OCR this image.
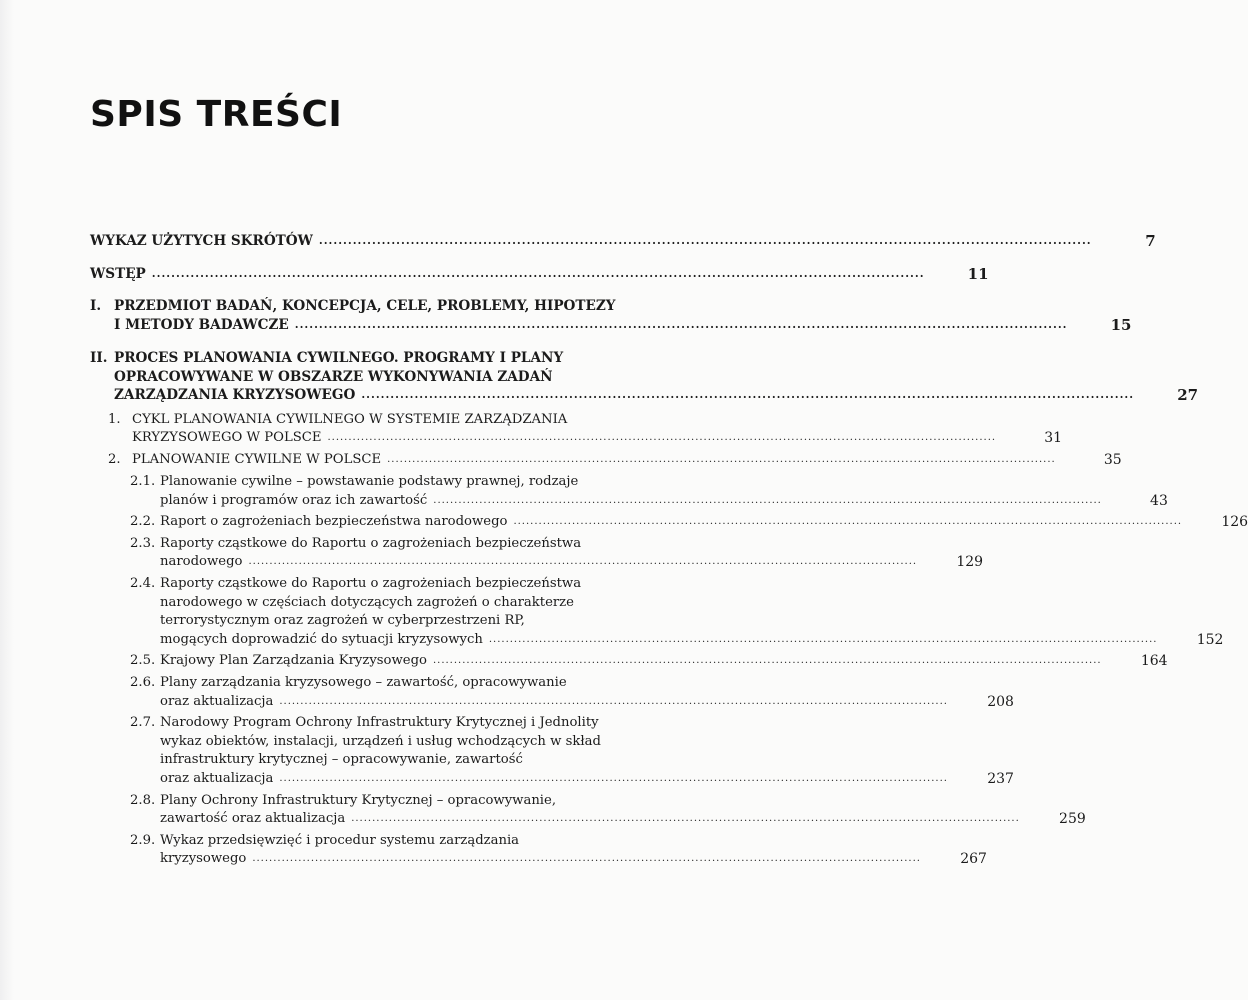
SPIS TREŚCI
WYKAZ UŻYTYCH SKRÓTÓW ................................................................................................................................................................	7
WSTĘP ................................................................................................................................................................	11
I. PRZEDMIOT BADAŃ, KONCEPCJA, CELE, PROBLEMY, HIPOTEZY
I METODY BADAWCZE ................................................................................................................................................................	15
II. PROCES PLANOWANIA CYWILNEGO. PROGRAMY I PLANY
OPRACOWYWANE W OBSZARZE WYKONYWANIA ZADAŃ
ZARZĄDZANIA KRYZYSOWEGO ................................................................................................................................................................	27
1. CYKL PLANOWANIA CYWILNEGO W SYSTEMIE ZARZĄDZANIA
KRYZYSOWEGO W POLSCE ................................................................................................................................................................	31
2. PLANOWANIE CYWILNE W POLSCE ................................................................................................................................................................	35
2.1. Planowanie cywilne – powstawanie podstawy prawnej, rodzaje
planów i programów oraz ich zawartość ................................................................................................................................................................	43
2.2. Raport o zagrożeniach bezpieczeństwa narodowego ................................................................................................................................................................	126
2.3. Raporty cząstkowe do Raportu o zagrożeniach bezpieczeństwa
narodowego ................................................................................................................................................................	129
2.4. Raporty cząstkowe do Raportu o zagrożeniach bezpieczeństwa
narodowego w częściach dotyczących zagrożeń o charakterze
terrorystycznym oraz zagrożeń w cyberprzestrzeni RP,
mogących doprowadzić do sytuacji kryzysowych ................................................................................................................................................................	152
2.5. Krajowy Plan Zarządzania Kryzysowego ................................................................................................................................................................	164
2.6. Plany zarządzania kryzysowego – zawartość, opracowywanie
oraz aktualizacja ................................................................................................................................................................	208
2.7. Narodowy Program Ochrony Infrastruktury Krytycznej i Jednolity
wykaz obiektów, instalacji, urządzeń i usług wchodzących w skład
infrastruktury krytycznej – opracowywanie, zawartość
oraz aktualizacja ................................................................................................................................................................	237
2.8. Plany Ochrony Infrastruktury Krytycznej – opracowywanie,
zawartość oraz aktualizacja ................................................................................................................................................................	259
2.9. Wykaz przedsięwzięć i procedur systemu zarządzania
kryzysowego ................................................................................................................................................................	267
